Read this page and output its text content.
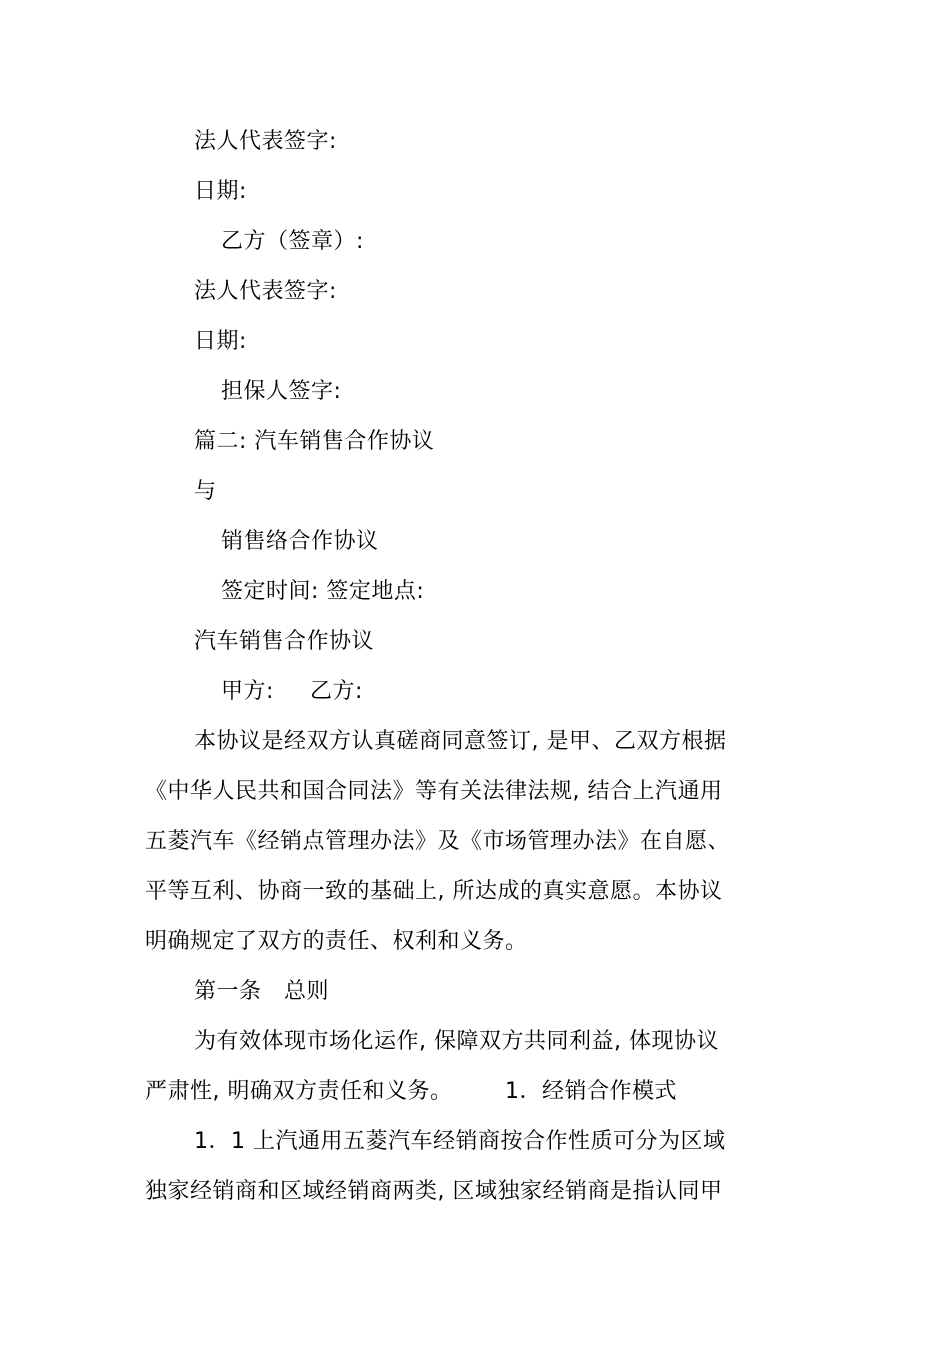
法人代表签字:
日期:
乙方（签章）:
法人代表签字:
日期:
担保人签字:
篇二: 汽车销售合作协议
与
销售络合作协议
签定时间: 签定地点:
汽车销售合作协议
甲方: 乙方:
本协议是经双方认真磋商同意签订, 是甲、乙双方根据
《中华人民共和国合同法》等有关法律法规, 结合上汽通用
五菱汽车《经销点管理办法》及《市场管理办法》在自愿、
平等互利、协商一致的基础上, 所达成的真实意愿。本协议
明确规定了双方的责任、权利和义务。
第一条　总则
为有效体现市场化运作, 保障双方共同利益, 体现协议
严肃性, 明确双方责任和义务。 1．经销合作模式
1．1 上汽通用五菱汽车经销商按合作性质可分为区域
独家经销商和区域经销商两类, 区域独家经销商是指认同甲
